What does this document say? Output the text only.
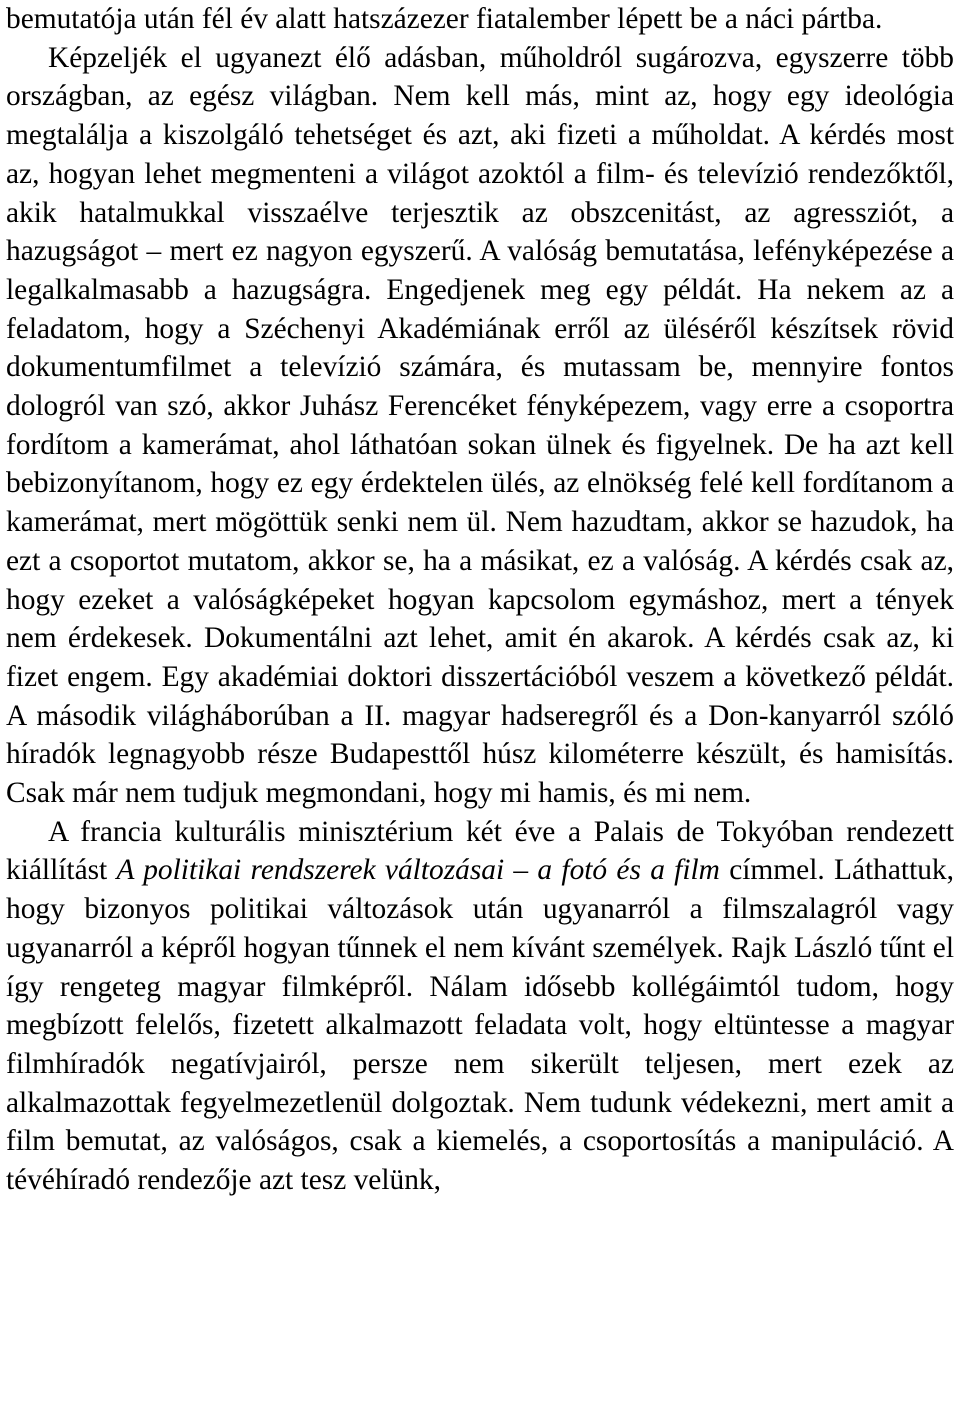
bemutatója után fél év alatt hatszázezer fiatalember lépett be a náci pártba.

Képzeljék el ugyanezt élő adásban, műholdról sugározva, egyszerre több országban, az egész világban. Nem kell más, mint az, hogy egy ideológia megtalálja a kiszolgáló tehetséget és azt, aki fizeti a műholdat. A kérdés most az, hogyan lehet megmenteni a világot azoktól a film- és televízió rendezőktől, akik hatalmukkal visszaélve terjesztik az obszcenitást, az agressziót, a hazugságot – mert ez nagyon egyszerű. A valóság bemutatása, lefényképezése a legalkalmasabb a hazugságra. Engedjenek meg egy példát. Ha nekem az a feladatom, hogy a Széchenyi Akadémiának erről az üléséről készítsek rövid dokumentumfilmet a televízió számára, és mutassam be, mennyire fontos dologról van szó, akkor Juhász Ferencéket fényképezem, vagy erre a csoportra fordítom a kamerámat, ahol láthatóan sokan ülnek és figyelnek. De ha azt kell bebizonyítanom, hogy ez egy érdektelen ülés, az elnökség felé kell fordítanom a kamerámat, mert mögöttük senki nem ül. Nem hazudtam, akkor se hazudok, ha ezt a csoportot mutatom, akkor se, ha a másikat, ez a valóság. A kérdés csak az, hogy ezeket a valóságképeket hogyan kapcsolom egymáshoz, mert a tények nem érdekesek. Dokumentálni azt lehet, amit én akarok. A kérdés csak az, ki fizet engem. Egy akadémiai doktori disszertációból veszem a következő példát. A második világháborúban a II. magyar hadseregről és a Don-kanyarról szóló híradók legnagyobb része Budapesttől húsz kilométerre készült, és hamisítás. Csak már nem tudjuk megmondani, hogy mi hamis, és mi nem.

A francia kulturális minisztérium két éve a Palais de Tokyóban rendezett kiállítást A politikai rendszerek változásai – a fotó és a film címmel. Láthattuk, hogy bizonyos politikai változások után ugyanarról a filmszalagról vagy ugyanarról a képről hogyan tűnnek el nem kívánt személyek. Rajk László tűnt el így rengeteg magyar filmképről. Nálam idősebb kollégáimtól tudom, hogy megbízott felelős, fizetett alkalmazott feladata volt, hogy eltüntesse a magyar filmhíradók negatívjairól, persze nem sikerült teljesen, mert ezek az alkalmazottak fegyelmezetlenül dolgoztak. Nem tudunk védekezni, mert amit a film bemutat, az valóságos, csak a kiemelés, a csoportosítás a manipuláció. A tévéhíradó rendezője azt tesz velünk,
